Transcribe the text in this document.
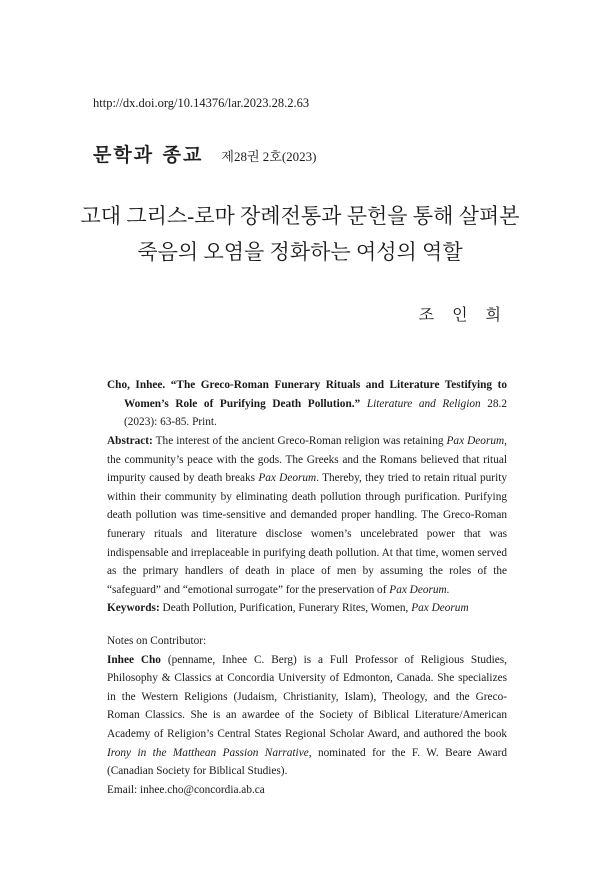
http://dx.doi.org/10.14376/lar.2023.28.2.63
문학과 종교 제28권 2호(2023)
고대 그리스-로마 장례전통과 문헌을 통해 살펴본
죽음의 오염을 정화하는 여성의 역할
조 인 희

Cho, Inhee. “The Greco-Roman Funerary Rituals and Literature Testifying to Women’s Role of Purifying Death Pollution.” Literature and Religion 28.2 (2023): 63-85. Print.

Abstract: The interest of the ancient Greco-Roman religion was retaining Pax Deorum, the community’s peace with the gods. The Greeks and the Romans believed that ritual impurity caused by death breaks Pax Deorum. Thereby, they tried to retain ritual purity within their community by eliminating death pollution through purification. Purifying death pollution was time-sensitive and demanded proper handling. The Greco-Roman funerary rituals and literature disclose women’s uncelebrated power that was indispensable and irreplaceable in purifying death pollution. At that time, women served as the primary handlers of death in place of men by assuming the roles of the “safeguard” and “emotional surrogate” for the preservation of Pax Deorum.

Keywords: Death Pollution, Purification, Funerary Rites, Women, Pax Deorum

Notes on Contributor:

Inhee Cho (penname, Inhee C. Berg) is a Full Professor of Religious Studies, Philosophy & Classics at Concordia University of Edmonton, Canada. She specializes in the Western Religions (Judaism, Christianity, Islam), Theology, and the Greco-Roman Classics. She is an awardee of the Society of Biblical Literature/American Academy of Religion’s Central States Regional Scholar Award, and authored the book Irony in the Matthean Passion Narrative, nominated for the F. W. Beare Award (Canadian Society for Biblical Studies).

Email: inhee.cho@concordia.ab.ca
